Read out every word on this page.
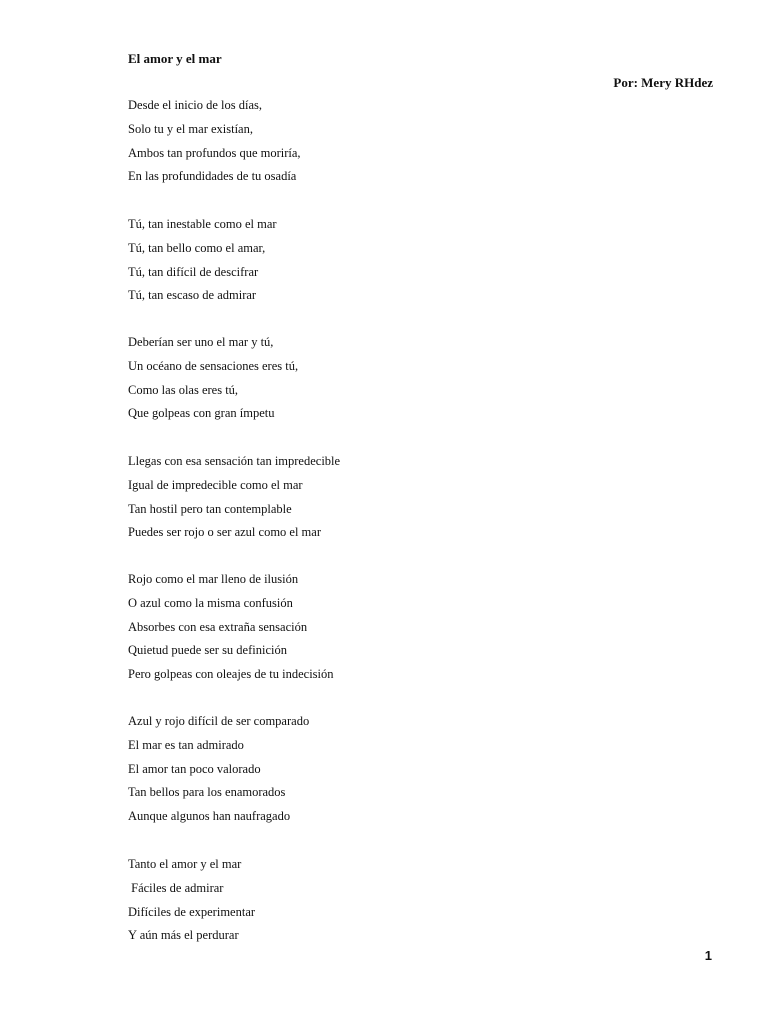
El amor y el mar
Por: Mery RHdez
Desde el inicio de los días,
Solo tu y el mar existían,
Ambos tan profundos que moriría,
En las profundidades de tu osadía
Tú, tan inestable como el mar
Tú, tan bello como el amar,
Tú, tan difícil de descifrar
Tú, tan escaso de admirar
Deberían ser uno el mar y tú,
Un océano de sensaciones eres tú,
Como las olas eres tú,
Que golpeas con gran ímpetu
Llegas con esa sensación tan impredecible
Igual de impredecible como el mar
Tan hostil pero tan contemplable
Puedes ser rojo o ser azul como el mar
Rojo como el mar lleno de ilusión
O azul como la misma confusión
Absorbes con esa extraña sensación
Quietud puede ser su definición
Pero golpeas con oleajes de tu indecisión
Azul y rojo difícil de ser comparado
El mar es tan admirado
El amor tan poco valorado
Tan bellos para los enamorados
Aunque algunos han naufragado
Tanto el amor y el mar
Fáciles de admirar
Difíciles de experimentar
Y aún más el perdurar
1
